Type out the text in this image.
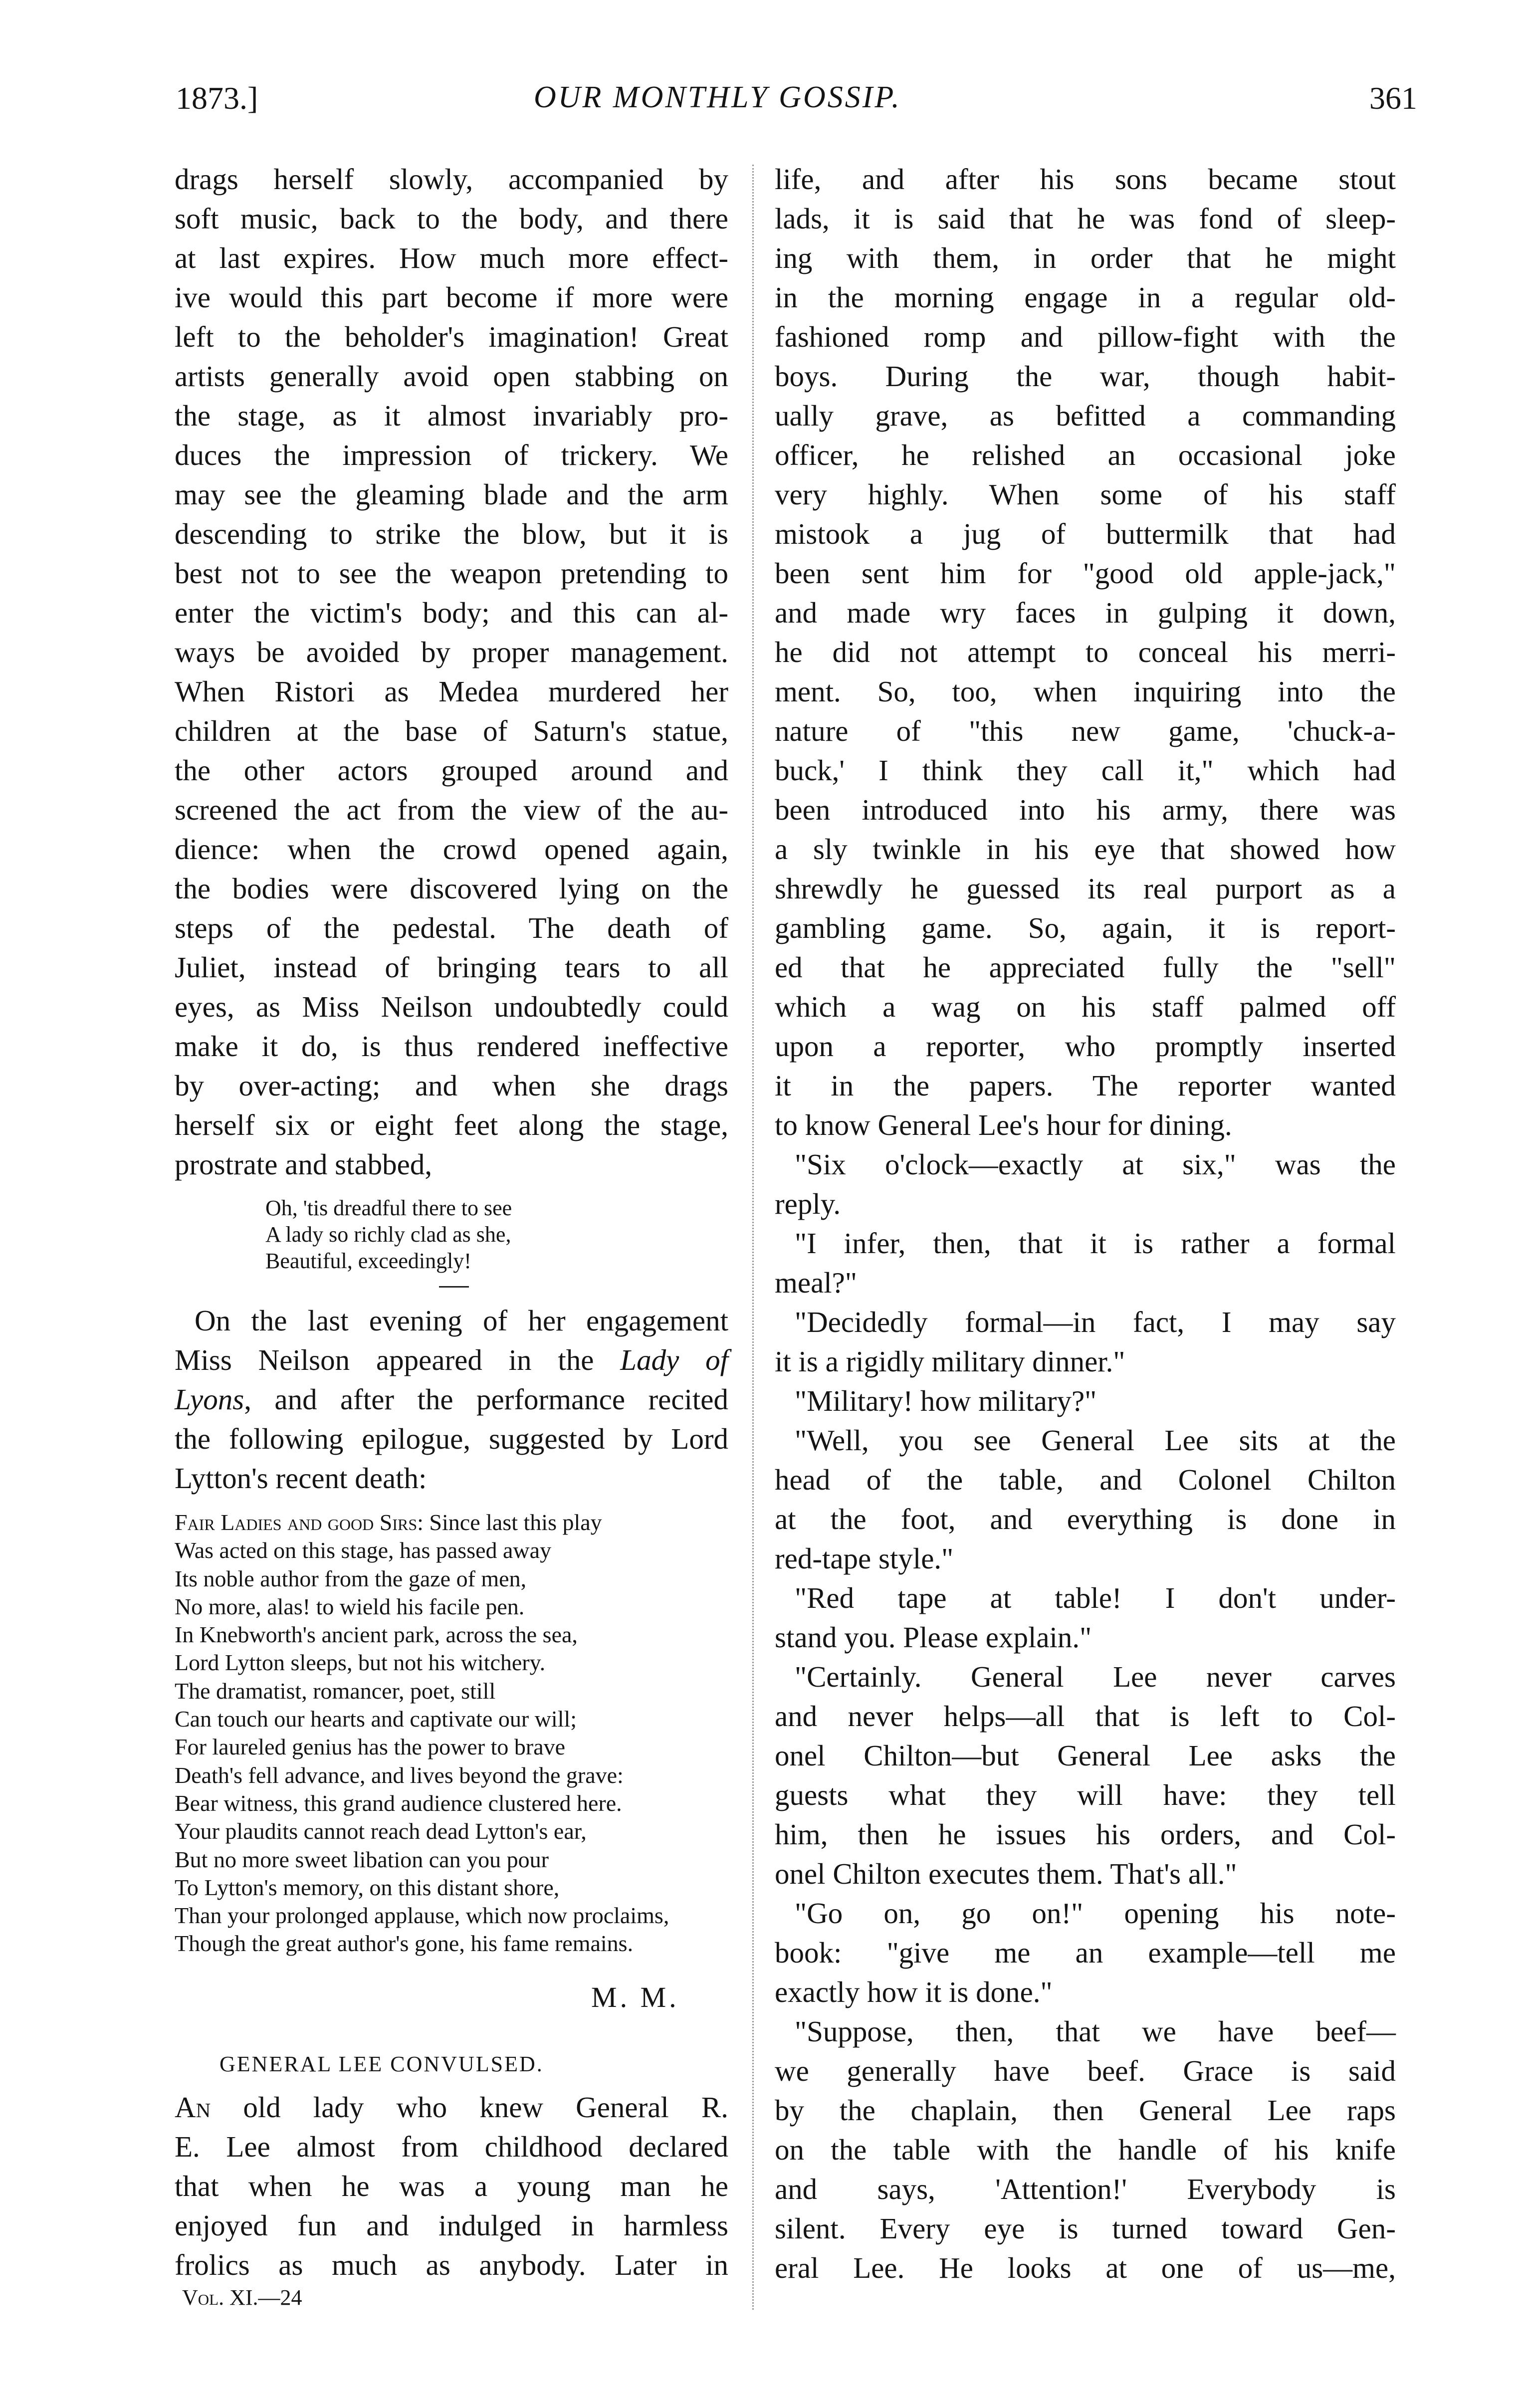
1873.]	OUR MONTHLY GOSSIP.	361
drags herself slowly, accompanied by
soft music, back to the body, and there
at last expires. How much more effect-
ive would this part become if more were
left to the beholder's imagination! Great
artists generally avoid open stabbing on
the stage, as it almost invariably pro-
duces the impression of trickery. We
may see the gleaming blade and the arm
descending to strike the blow, but it is
best not to see the weapon pretending to
enter the victim's body; and this can al-
ways be avoided by proper management.
When Ristori as Medea murdered her
children at the base of Saturn's statue,
the other actors grouped around and
screened the act from the view of the au-
dience: when the crowd opened again,
the bodies were discovered lying on the
steps of the pedestal. The death of
Juliet, instead of bringing tears to all
eyes, as Miss Neilson undoubtedly could
make it do, is thus rendered ineffective
by over-acting; and when she drags
herself six or eight feet along the stage,
prostrate and stabbed,
Oh, 'tis dreadful there to see
A lady so richly clad as she,
Beautiful, exceedingly!
On the last evening of her engagement
Miss Neilson appeared in the Lady of
Lyons, and after the performance recited
the following epilogue, suggested by Lord
Lytton's recent death:
Fair Ladies and good Sirs: Since last this play
Was acted on this stage, has passed away
Its noble author from the gaze of men,
No more, alas! to wield his facile pen.
In Knebworth's ancient park, across the sea,
Lord Lytton sleeps, but not his witchery.
The dramatist, romancer, poet, still
Can touch our hearts and captivate our will;
For laureled genius has the power to brave
Death's fell advance, and lives beyond the grave:
Bear witness, this grand audience clustered here.
Your plaudits cannot reach dead Lytton's ear,
But no more sweet libation can you pour
To Lytton's memory, on this distant shore,
Than your prolonged applause, which now proclaims,
Though the great author's gone, his fame remains.
M. M.
GENERAL LEE CONVULSED.
An old lady who knew General R.
E. Lee almost from childhood declared
that when he was a young man he
enjoyed fun and indulged in harmless
frolics as much as anybody. Later in
Vol. XI.—24
life, and after his sons became stout
lads, it is said that he was fond of sleep-
ing with them, in order that he might
in the morning engage in a regular old-
fashioned romp and pillow-fight with the
boys. During the war, though habit-
ually grave, as befitted a commanding
officer, he relished an occasional joke
very highly. When some of his staff
mistook a jug of buttermilk that had
been sent him for "good old apple-jack,"
and made wry faces in gulping it down,
he did not attempt to conceal his merri-
ment. So, too, when inquiring into the
nature of "this new game, 'chuck-a-
buck,' I think they call it," which had
been introduced into his army, there was
a sly twinkle in his eye that showed how
shrewdly he guessed its real purport as a
gambling game. So, again, it is report-
ed that he appreciated fully the "sell"
which a wag on his staff palmed off
upon a reporter, who promptly inserted
it in the papers. The reporter wanted
to know General Lee's hour for dining.
"Six o'clock—exactly at six," was the
reply.
"I infer, then, that it is rather a formal
meal?"
"Decidedly formal—in fact, I may say
it is a rigidly military dinner."
"Military! how military?"
"Well, you see General Lee sits at the
head of the table, and Colonel Chilton
at the foot, and everything is done in
red-tape style."
"Red tape at table! I don't under-
stand you. Please explain."
"Certainly. General Lee never carves
and never helps—all that is left to Col-
onel Chilton—but General Lee asks the
guests what they will have: they tell
him, then he issues his orders, and Col-
onel Chilton executes them. That's all."
"Go on, go on!" opening his note-
book: "give me an example—tell me
exactly how it is done."
"Suppose, then, that we have beef—
we generally have beef. Grace is said
by the chaplain, then General Lee raps
on the table with the handle of his knife
and says, 'Attention!' Everybody is
silent. Every eye is turned toward Gen-
eral Lee. He looks at one of us—me,
